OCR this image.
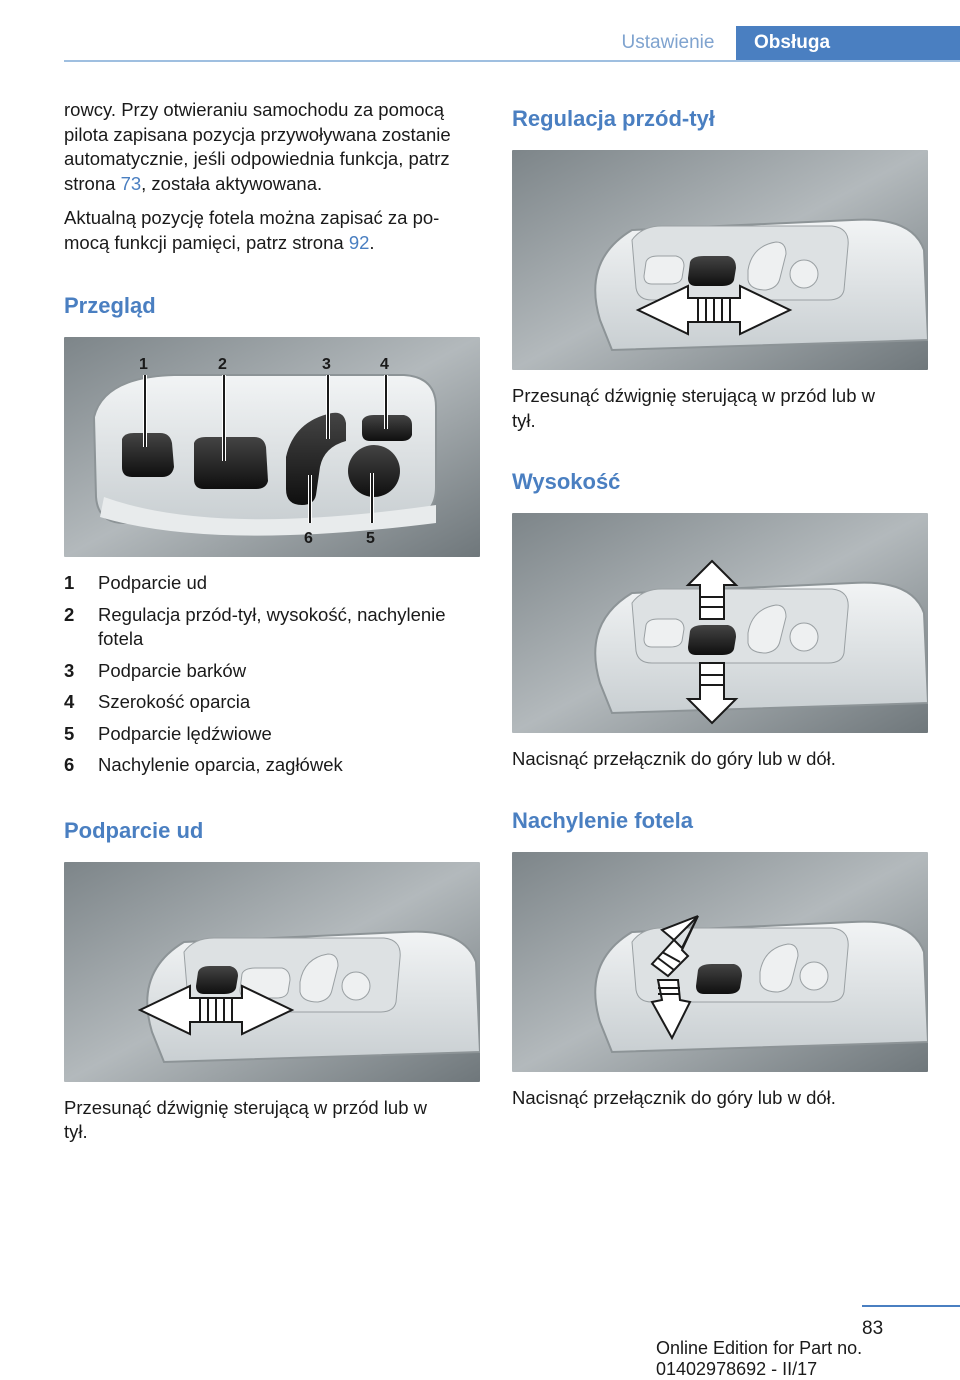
Ustawienie	Obsługa

rowcy. Przy otwieraniu samochodu za pomocą pilota zapisana pozycja przywoływana zostanie automatycznie, jeśli odpowiednia funkcja, patrz strona 73, została aktywowana.

Aktualną pozycję fotela można zapisać za po‐mocą funkcji pamięci, patrz strona 92.

Przegląd
1	2	3	4
6	5
1	Podparcie ud
2	Regulacja przód-tył, wysokość, nachylenie fotela
3	Podparcie barków
4	Szerokość oparcia
5	Podparcie lędźwiowe
6	Nachylenie oparcia, zagłówek
Podparcie ud

Przesunąć dźwignię sterującą w przód lub w tył.

Regulacja przód-tył

Przesunąć dźwignię sterującą w przód lub w tył.

Wysokość

Nacisnąć przełącznik do góry lub w dół.

Nachylenie fotela

Nacisnąć przełącznik do góry lub w dół.

83
Online Edition for Part no. 01402978692 - II/17
